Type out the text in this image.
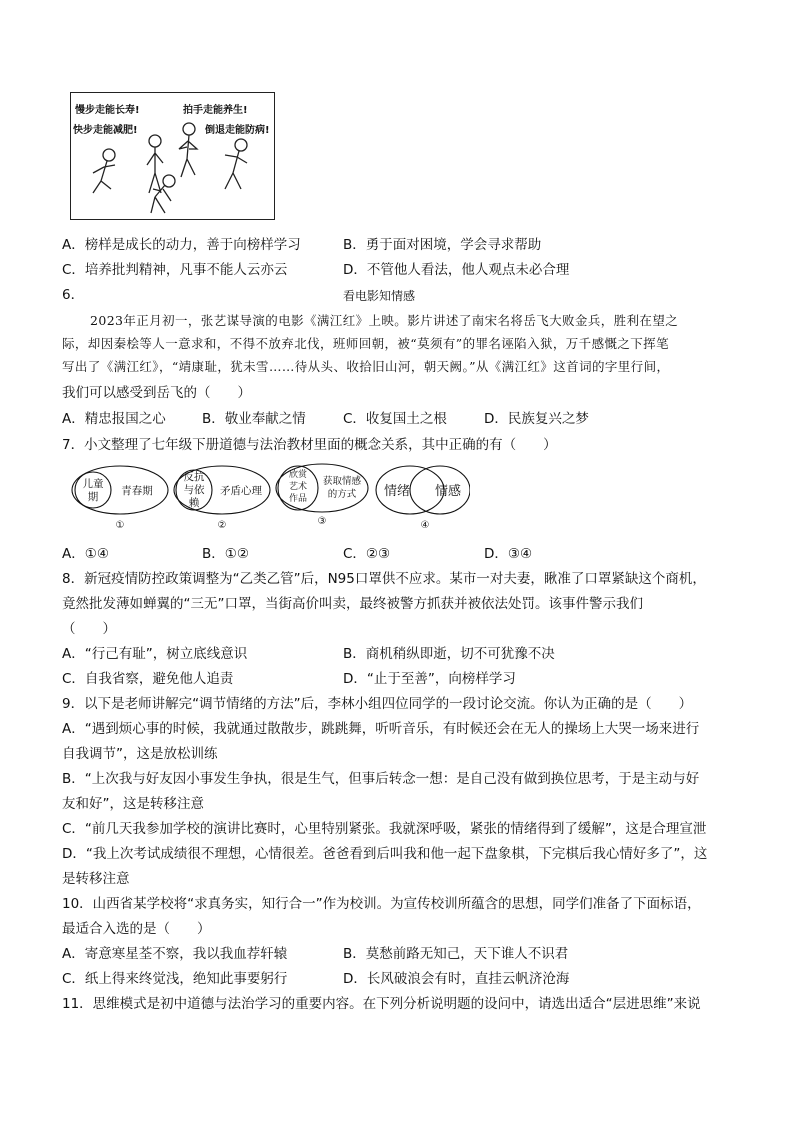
慢步走能长寿!	拍手走能养生!
快步走能减肥!	倒退走能防病!
A．榜样是成长的动力，善于向榜样学习	B．勇于面对困境，学会寻求帮助
C．培养批判精神，凡事不能人云亦云	D．不管他人看法，他人观点未必合理
6．	看电影知情感
2023年正月初一，张艺谋导演的电影《满江红》上映。影片讲述了南宋名将岳飞大败金兵，胜利在望之
际，却因秦桧等人一意求和，不得不放弃北伐，班师回朝，被“莫须有”的罪名诬陷入狱，万千感慨之下挥笔
写出了《满江红》，“靖康耻，犹未雪……待从头、收拾旧山河，朝天阙。”从《满江红》这首词的字里行间，
我们可以感受到岳飞的（　　）
A．精忠报国之心	B．敬业奉献之情	C．收复国土之根	D．民族复兴之梦
7．小文整理了七年级下册道德与法治教材里面的概念关系，其中正确的有（　　）
儿童
期 青春期
①
反抗
与依
赖
矛盾心理
②
欣赏
艺术
作品
获取情感
的方式
③
情绪 情感
④
A．①④	B．①②	C．②③	D．③④
8．新冠疫情防控政策调整为“乙类乙管”后，N95口罩供不应求。某市一对夫妻，瞅准了口罩紧缺这个商机，
竟然批发薄如蝉翼的“三无”口罩，当街高价叫卖，最终被警方抓获并被依法处罚。该事件警示我们
（　　）
A．“行己有耻”，树立底线意识	B．商机稍纵即逝，切不可犹豫不决
C．自我省察，避免他人追责	D．“止于至善”，向榜样学习
9．以下是老师讲解完“调节情绪的方法”后，李林小组四位同学的一段讨论交流。你认为正确的是（　　）
A．“遇到烦心事的时候，我就通过散散步，跳跳舞，听听音乐，有时候还会在无人的操场上大哭一场来进行
自我调节”，这是放松训练
B．“上次我与好友因小事发生争执，很是生气，但事后转念一想：是自己没有做到换位思考，于是主动与好
友和好”，这是转移注意
C．“前几天我参加学校的演讲比赛时，心里特别紧张。我就深呼吸，紧张的情绪得到了缓解”，这是合理宣泄
D．“我上次考试成绩很不理想，心情很差。爸爸看到后叫我和他一起下盘象棋，下完棋后我心情好多了”，这
是转移注意
10．山西省某学校将“求真务实，知行合一”作为校训。为宣传校训所蕴含的思想，同学们准备了下面标语，
最适合入选的是（　　）
A．寄意寒星荃不察，我以我血荐轩辕	B．莫愁前路无知己，天下谁人不识君
C．纸上得来终觉浅，绝知此事要躬行	D．长风破浪会有时，直挂云帆济沧海
11．思维模式是初中道德与法治学习的重要内容。在下列分析说明题的设问中，请选出适合“层进思维”来说
